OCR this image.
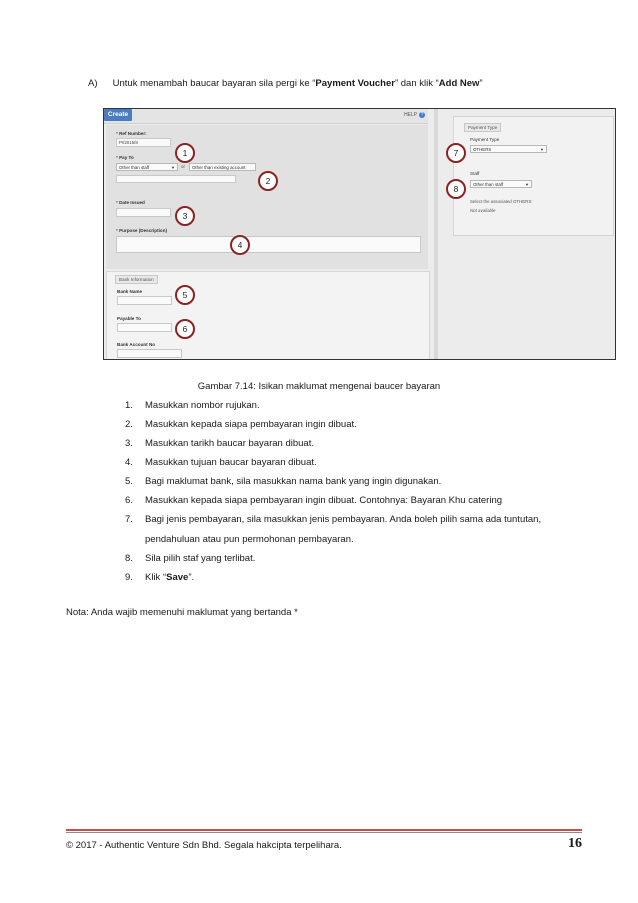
A) Untuk menambah baucar bayaran sila pergi ke “Payment Voucher” dan klik “Add New”
Create	HELP ?
* Ref Number:
PI/2015/8
* Pay To
Other than staff	▼ or	Other than existing account
* Date Issued
* Purpose (Description)
Bank Information
Bank Name
Payable To
Bank Account No
Payment Type
Payment Type
OTHERS	▼
Staff
Other than staff	▼
Select the associated OTHERS:
Not available
1
2
3
4
5
6
7
8
Gambar 7.14: Isikan maklumat mengenai baucer bayaran
1. Masukkan nombor rujukan.
2. Masukkan kepada siapa pembayaran ingin dibuat.
3. Masukkan tarikh baucar bayaran dibuat.
4. Masukkan tujuan baucar bayaran dibuat.
5. Bagi maklumat bank, sila masukkan nama bank yang ingin digunakan.
6. Masukkan kepada siapa pembayaran ingin dibuat. Contohnya: Bayaran Khu catering
7. Bagi jenis pembayaran, sila masukkan jenis pembayaran. Anda boleh pilih sama ada tuntutan,
pendahuluan atau pun permohonan pembayaran.
8. Sila pilih staf yang terlibat.
9. Klik “Save”.
Nota: Anda wajib memenuhi maklumat yang bertanda *
© 2017 - Authentic Venture Sdn Bhd. Segala hakcipta terpelihara.	16
